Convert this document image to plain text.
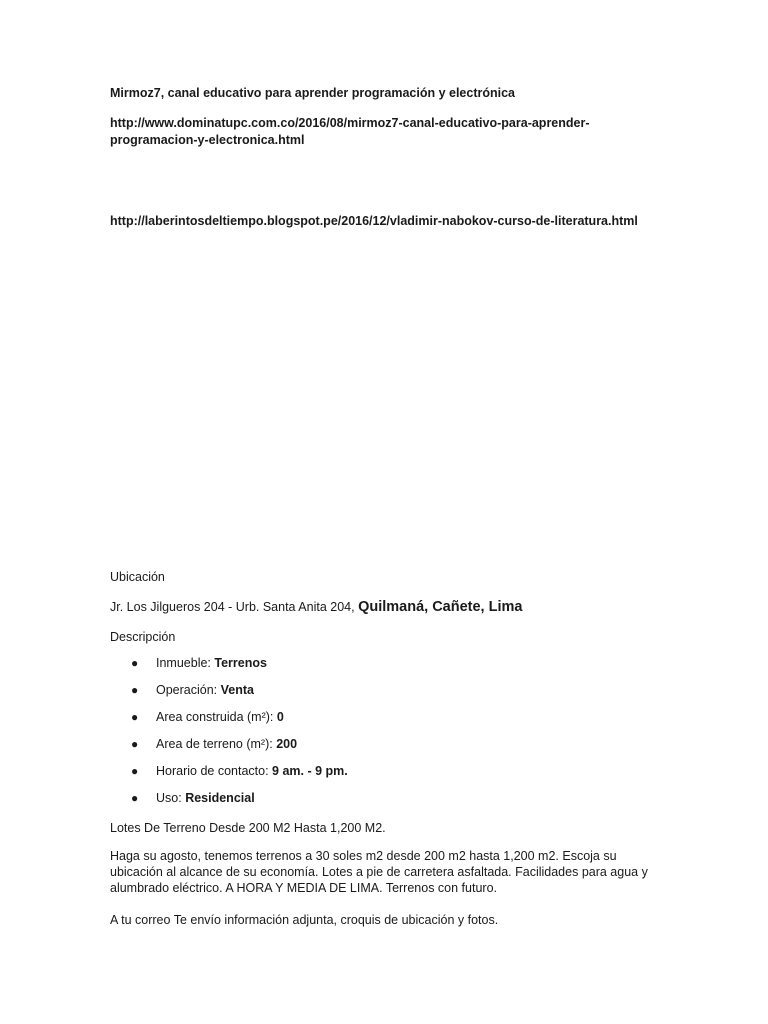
Mirmoz7, canal educativo para aprender programación y electrónica
http://www.dominatupc.com.co/2016/08/mirmoz7-canal-educativo-para-aprender-
programacion-y-electronica.html
http://laberintosdeltiempo.blogspot.pe/2016/12/vladimir-nabokov-curso-de-literatura.html
Ubicación
Jr. Los Jilgueros 204 - Urb. Santa Anita 204, Quilmaná, Cañete, Lima
Descripción
● Inmueble: Terrenos
● Operación: Venta
● Area construida (m²): 0
● Area de terreno (m²): 200
● Horario de contacto: 9 am. - 9 pm.
● Uso: Residencial
Lotes De Terreno Desde 200 M2 Hasta 1,200 M2.
Haga su agosto, tenemos terrenos a 30 soles m2 desde 200 m2 hasta 1,200 m2. Escoja su
ubicación al alcance de su economía. Lotes a pie de carretera asfaltada. Facilidades para agua y
alumbrado eléctrico. A HORA Y MEDIA DE LIMA. Terrenos con futuro.
A tu correo Te envío información adjunta, croquis de ubicación y fotos.
